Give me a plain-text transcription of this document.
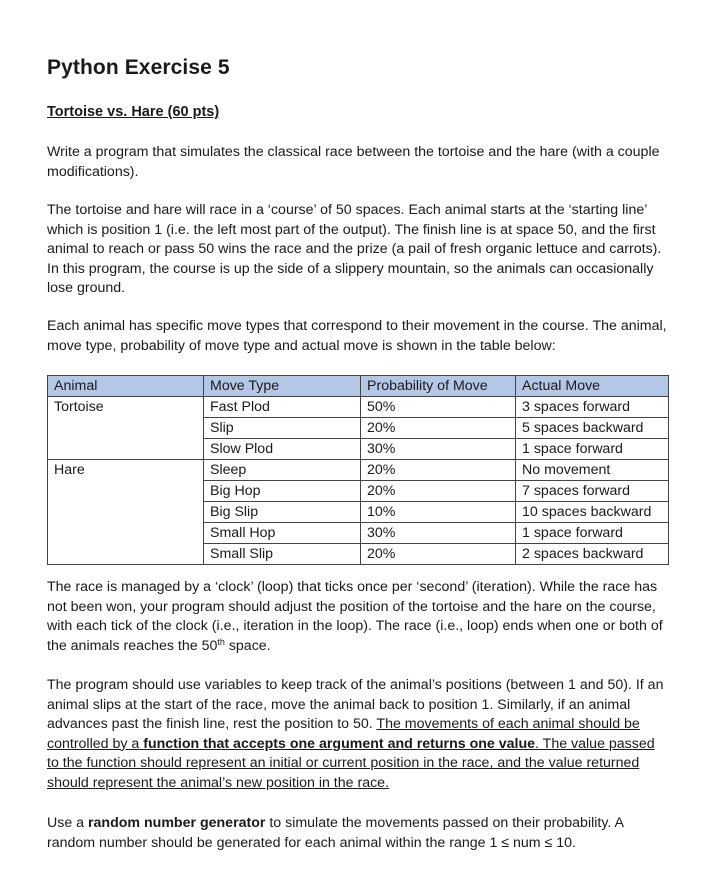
Python Exercise 5
Tortoise vs. Hare (60 pts)

Write a program that simulates the classical race between the tortoise and the hare (with a couple modifications).

The tortoise and hare will race in a ‘course’ of 50 spaces. Each animal starts at the ‘starting line’ which is position 1 (i.e. the left most part of the output). The finish line is at space 50, and the first animal to reach or pass 50 wins the race and the prize (a pail of fresh organic lettuce and carrots). In this program, the course is up the side of a slippery mountain, so the animals can occasionally lose ground.

Each animal has specific move types that correspond to their movement in the course. The animal, move type, probability of move type and actual move is shown in the table below:

Animal	Move Type	Probability of Move	Actual Move
Tortoise	Fast Plod	50%	3 spaces forward
	Slip	20%	5 spaces backward
	Slow Plod	30%	1 space forward
Hare	Sleep	20%	No movement
	Big Hop	20%	7 spaces forward
	Big Slip	10%	10 spaces backward
	Small Hop	30%	1 space forward
	Small Slip	20%	2 spaces backward

The race is managed by a ‘clock’ (loop) that ticks once per ‘second’ (iteration). While the race has not been won, your program should adjust the position of the tortoise and the hare on the course, with each tick of the clock (i.e., iteration in the loop). The race (i.e., loop) ends when one or both of the animals reaches the 50th space.

The program should use variables to keep track of the animal’s positions (between 1 and 50). If an animal slips at the start of the race, move the animal back to position 1. Similarly, if an animal advances past the finish line, rest the position to 50. The movements of each animal should be controlled by a function that accepts one argument and returns one value. The value passed to the function should represent an initial or current position in the race, and the value returned should represent the animal’s new position in the race.

Use a random number generator to simulate the movements passed on their probability. A random number should be generated for each animal within the range 1 ≤ num ≤ 10.
